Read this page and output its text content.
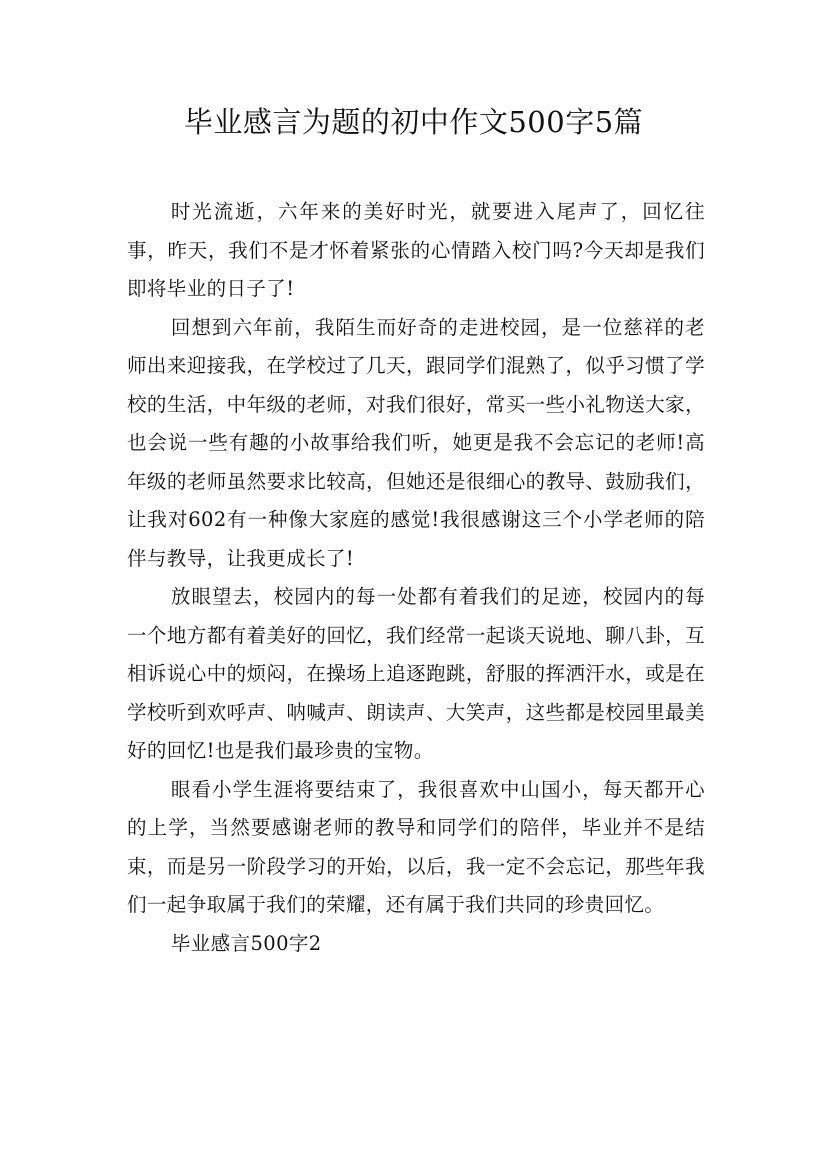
毕业感言为题的初中作文500字5篇

时光流逝，六年来的美好时光，就要进入尾声了，回忆往事，昨天，我们不是才怀着紧张的心情踏入校门吗?今天却是我们即将毕业的日子了!

回想到六年前，我陌生而好奇的走进校园，是一位慈祥的老师出来迎接我，在学校过了几天，跟同学们混熟了，似乎习惯了学校的生活，中年级的老师，对我们很好，常买一些小礼物送大家，也会说一些有趣的小故事给我们听，她更是我不会忘记的老师!高年级的老师虽然要求比较高，但她还是很细心的教导、鼓励我们，让我对602有一种像大家庭的感觉!我很感谢这三个小学老师的陪伴与教导，让我更成长了!

放眼望去，校园内的每一处都有着我们的足迹，校园内的每一个地方都有着美好的回忆，我们经常一起谈天说地、聊八卦，互相诉说心中的烦闷，在操场上追逐跑跳，舒服的挥洒汗水，或是在学校听到欢呼声、呐喊声、朗读声、大笑声，这些都是校园里最美好的回忆!也是我们最珍贵的宝物。

眼看小学生涯将要结束了，我很喜欢中山国小，每天都开心的上学，当然要感谢老师的教导和同学们的陪伴，毕业并不是结束，而是另一阶段学习的开始，以后，我一定不会忘记，那些年我们一起争取属于我们的荣耀，还有属于我们共同的珍贵回忆。

毕业感言500字2
